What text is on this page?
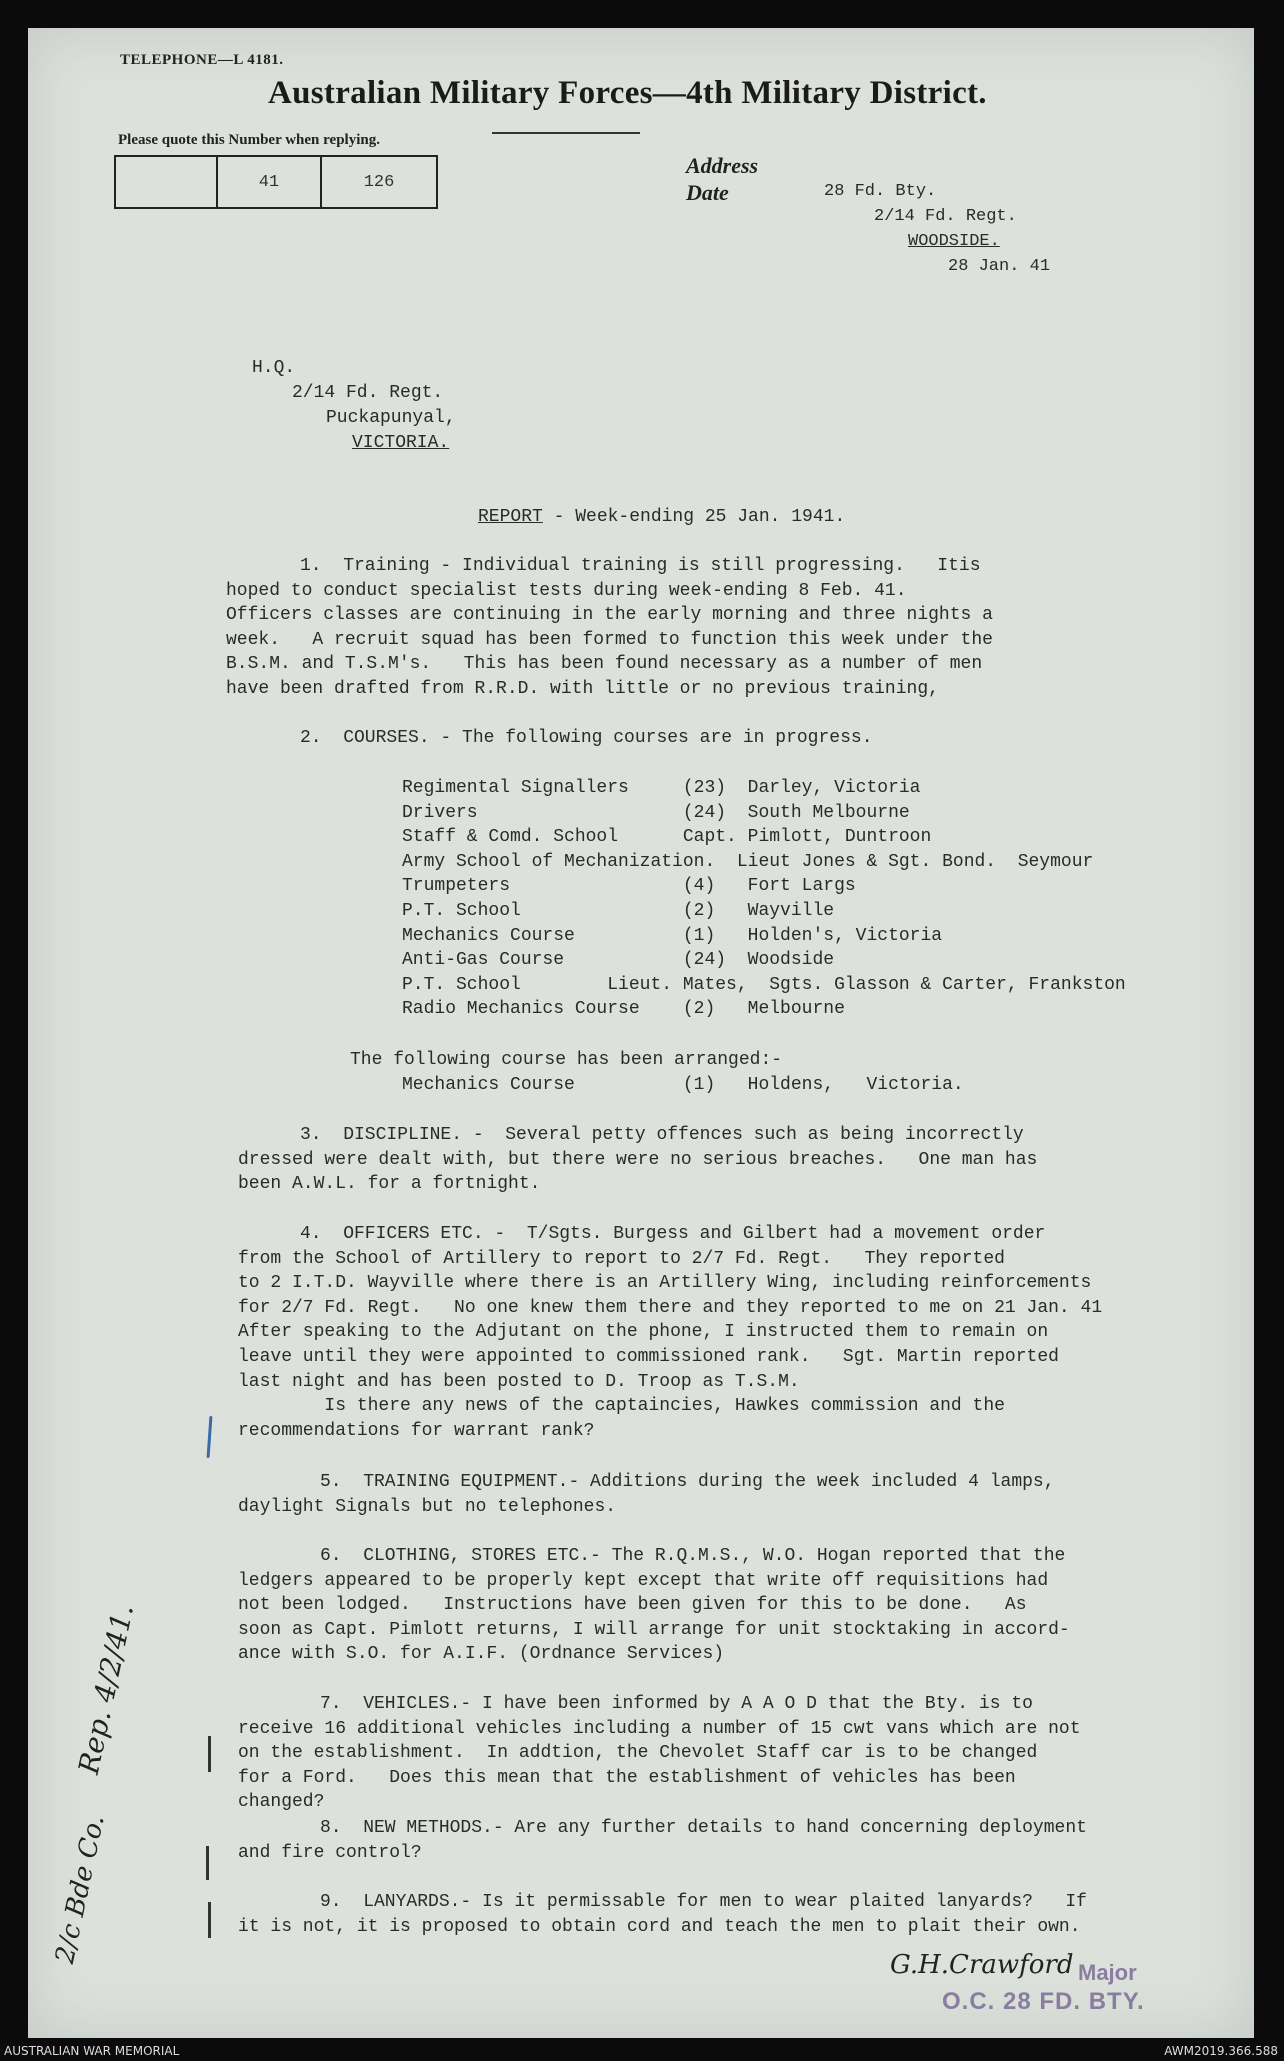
TELEPHONE—L 4181.
Australian Military Forces—4th Military District.
Please quote this Number when replying.
41	126
Address
Date	28 Fd. Bty.
2/14 Fd. Regt.
WOODSIDE.
28 Jan. 41
H.Q.
2/14 Fd. Regt.
Puckapunyal,
VICTORIA.
REPORT - Week-ending 25 Jan. 1941.
1.  Training - Individual training is still progressing.   Itis
hoped to conduct specialist tests during week-ending 8 Feb. 41.
Officers classes are continuing in the early morning and three nights a
week.   A recruit squad has been formed to function this week under the
B.S.M. and T.S.M's.   This has been found necessary as a number of men
have been drafted from R.R.D. with little or no previous training,
2.  COURSES. - The following courses are in progress.
Regimental Signallers     (23)  Darley, Victoria
Drivers                   (24)  South Melbourne
Staff & Comd. School      Capt. Pimlott, Duntroon
Army School of Mechanization.  Lieut Jones & Sgt. Bond.  Seymour
Trumpeters                (4)   Fort Largs
P.T. School               (2)   Wayville
Mechanics Course          (1)   Holden's, Victoria
Anti-Gas Course           (24)  Woodside
P.T. School        Lieut. Mates,  Sgts. Glasson & Carter, Frankston
Radio Mechanics Course    (2)   Melbourne
The following course has been arranged:-
Mechanics Course          (1)   Holdens,   Victoria.
3.  DISCIPLINE. -  Several petty offences such as being incorrectly
dressed were dealt with, but there were no serious breaches.   One man has
been A.W.L. for a fortnight.
4.  OFFICERS ETC. -  T/Sgts. Burgess and Gilbert had a movement order
from the School of Artillery to report to 2/7 Fd. Regt.   They reported
to 2 I.T.D. Wayville where there is an Artillery Wing, including reinforcements
for 2/7 Fd. Regt.   No one knew them there and they reported to me on 21 Jan. 41
After speaking to the Adjutant on the phone, I instructed them to remain on
leave until they were appointed to commissioned rank.   Sgt. Martin reported
last night and has been posted to D. Troop as T.S.M.
Is there any news of the captaincies, Hawkes commission and the
recommendations for warrant rank?
5.  TRAINING EQUIPMENT.- Additions during the week included 4 lamps,
daylight Signals but no telephones.
6.  CLOTHING, STORES ETC.- The R.Q.M.S., W.O. Hogan reported that the
ledgers appeared to be properly kept except that write off requisitions had
not been lodged.   Instructions have been given for this to be done.   As
soon as Capt. Pimlott returns, I will arrange for unit stocktaking in accord-
ance with S.O. for A.I.F. (Ordnance Services)
7.  VEHICLES.- I have been informed by A A O D that the Bty. is to
receive 16 additional vehicles including a number of 15 cwt vans which are not
on the establishment.  In addtion, the Chevolet Staff car is to be changed
for a Ford.   Does this mean that the establishment of vehicles has been
changed?
8.  NEW METHODS.- Are any further details to hand concerning deployment
and fire control?
9.  LANYARDS.- Is it permissable for men to wear plaited lanyards?   If
it is not, it is proposed to obtain cord and teach the men to plait their own.
Rep. 4/2/41.
2/c Bde Co.	G.H.Crawford Major
O.C. 28 FD. BTY.
AUSTRALIAN WAR MEMORIAL	AWM2019.366.588
